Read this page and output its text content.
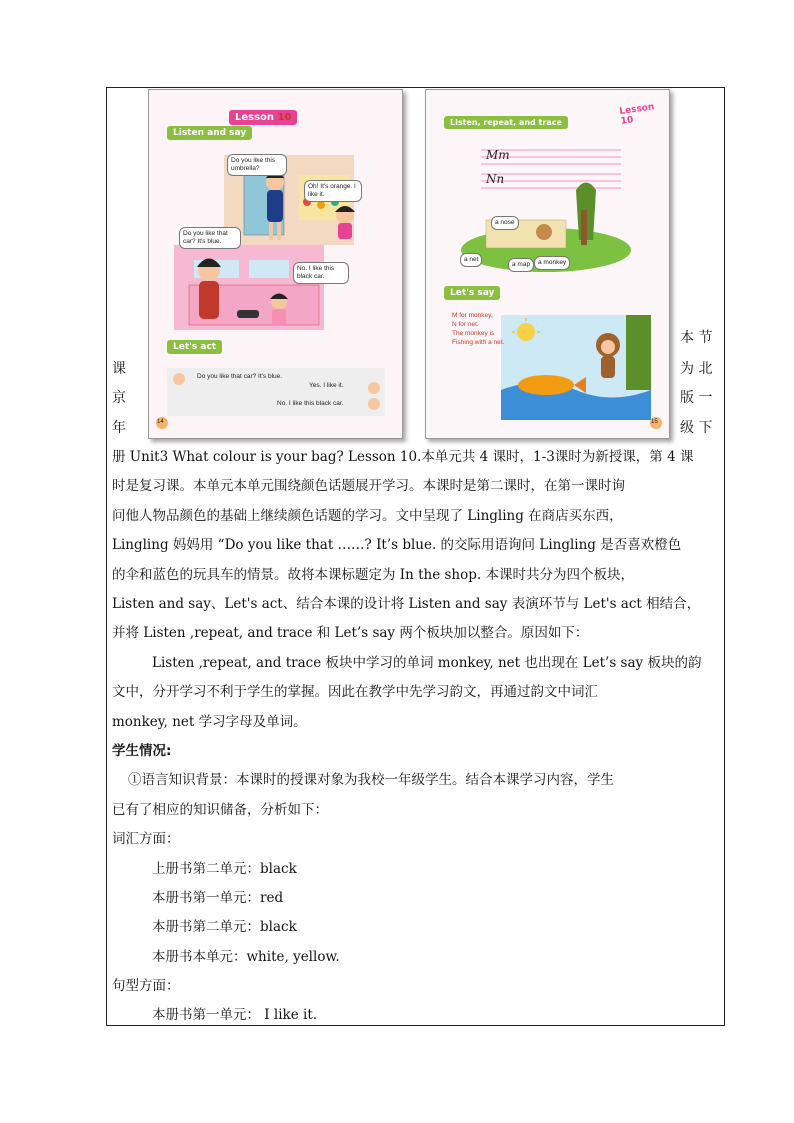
Lesson 10
Listen and say
Do you like this umbrella?
Oh! It's orange. I like it.
Do you like that car? It's blue.
No. I like this black car.
Let's act
Do you like that car? It's blue.
Yes. I like it.
No. I like this black car.
14
Lesson 10
Listen, repeat, and trace
Mm
Nn
a nose
a net
a map	a monkey
Let's say
M for monkey,
N for net.
The monkey is
Fishing with a net.
15
本 节
为 北
版 一
级 下
课
京
年
册 Unit3 What colour is your bag? Lesson 10.本单元共 4 课时，1-3课时为新授课，第 4 课
时是复习课。本单元本单元围绕颜色话题展开学习。本课时是第二课时，在第一课时询
问他人物品颜色的基础上继续颜色话题的学习。文中呈现了 Lingling 在商店买东西，
Lingling 妈妈用 “Do you like that ……? It’s blue. 的交际用语询问 Lingling 是否喜欢橙色
的伞和蓝色的玩具车的情景。故将本课标题定为 In the shop. 本课时共分为四个板块，
Listen and say、Let's act、结合本课的设计将 Listen and say 表演环节与 Let's act 相结合，
并将 Listen ,repeat, and trace 和 Let’s say 两个板块加以整合。原因如下：
Listen ,repeat, and trace 板块中学习的单词 monkey, net 也出现在 Let’s say 板块的韵
文中，分开学习不利于学生的掌握。因此在教学中先学习韵文，再通过韵文中词汇
monkey, net 学习字母及单词。
学生情况:
①语言知识背景：本课时的授课对象为我校一年级学生。结合本课学习内容，学生
已有了相应的知识储备，分析如下：
词汇方面：
上册书第二单元：black
本册书第一单元：red
本册书第二单元：black
本册书本单元：white, yellow.
句型方面：
本册书第一单元： I like it.
